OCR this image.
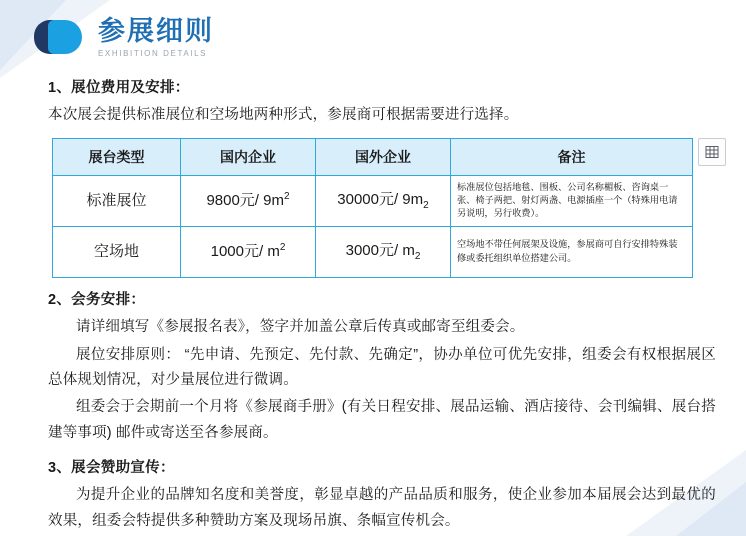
参展细则
EXHIBITION DETAILS
1、展位费用及安排：

本次展会提供标准展位和空场地两种形式，参展商可根据需要进行选择。

展台类型	国内企业	国外企业	备注
标准展位	9800元/ $9m^2$	30000元/ $9m_2$	标准展位包括地毯、围板、公司名称楣板、咨询桌一张、椅子两把、射灯两盏、电源插座一个（特殊用电请另说明，另行收费）。
空场地	1000元/ $m^2$	3000元/ $m_2$	空场地不带任何展架及设施，参展商可自行安排特殊装修或委托组织单位搭建公司。
2、会务安排：

请详细填写《参展报名表》，签字并加盖公章后传真或邮寄至组委会。

展位安排原则： “先申请、先预定、先付款、先确定”，协办单位可优先安排，组委会有权根据展区总体规划情况，对少量展位进行微调。

组委会于会期前一个月将《参展商手册》(有关日程安排、展品运输、酒店接待、会刊编辑、展台搭建等事项) 邮件或寄送至各参展商。

3、展会赞助宣传：

为提升企业的品牌知名度和美誉度，彰显卓越的产品品质和服务，使企业参加本届展会达到最优的效果，组委会特提供多种赞助方案及现场吊旗、条幅宣传机会。
